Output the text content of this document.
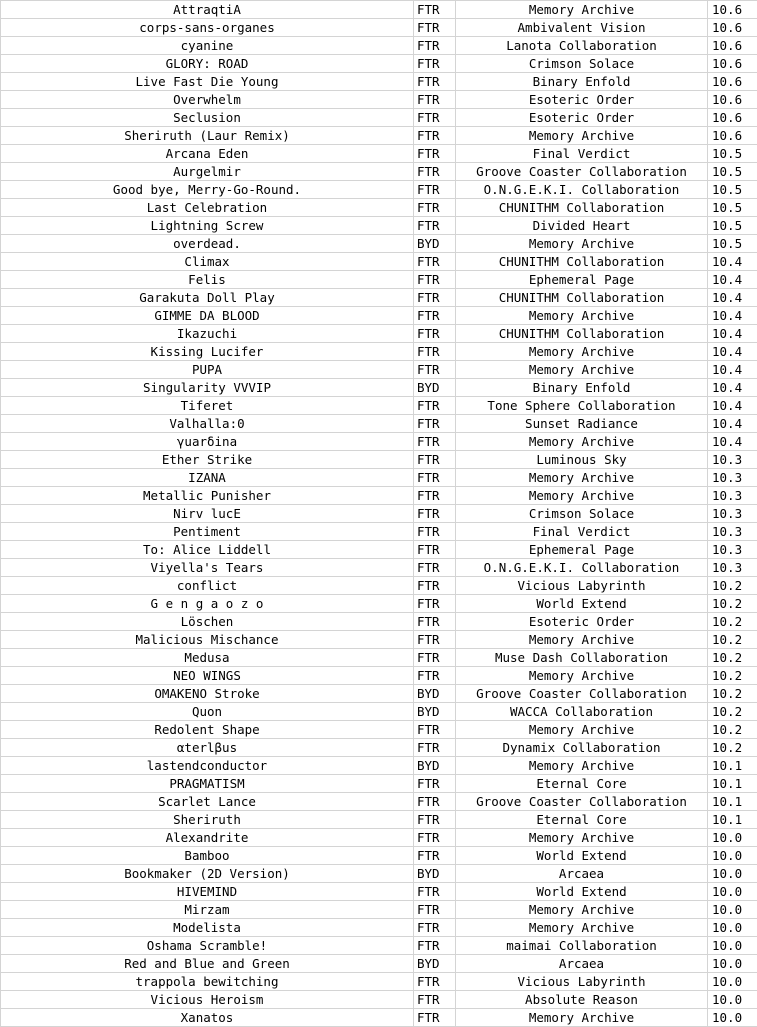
AttraqtiA	FTR	Memory Archive	10.6
corps-sans-organes	FTR	Ambivalent Vision	10.6
cyanine	FTR	Lanota Collaboration	10.6
GLORY: ROAD	FTR	Crimson Solace	10.6
Live Fast Die Young	FTR	Binary Enfold	10.6
Overwhelm	FTR	Esoteric Order	10.6
Seclusion	FTR	Esoteric Order	10.6
Sheriruth (Laur Remix)	FTR	Memory Archive	10.6
Arcana Eden	FTR	Final Verdict	10.5
Aurgelmir	FTR	Groove Coaster Collaboration	10.5
Good bye, Merry-Go-Round.	FTR	O.N.G.E.K.I. Collaboration	10.5
Last Celebration	FTR	CHUNITHM Collaboration	10.5
Lightning Screw	FTR	Divided Heart	10.5
overdead.	BYD	Memory Archive	10.5
Climax	FTR	CHUNITHM Collaboration	10.4
Felis	FTR	Ephemeral Page	10.4
Garakuta Doll Play	FTR	CHUNITHM Collaboration	10.4
GIMME DA BLOOD	FTR	Memory Archive	10.4
Ikazuchi	FTR	CHUNITHM Collaboration	10.4
Kissing Lucifer	FTR	Memory Archive	10.4
PUPA	FTR	Memory Archive	10.4
Singularity VVVIP	BYD	Binary Enfold	10.4
Tiferet	FTR	Tone Sphere Collaboration	10.4
Valhalla:0	FTR	Sunset Radiance	10.4
γuarδina	FTR	Memory Archive	10.4
Ether Strike	FTR	Luminous Sky	10.3
IZANA	FTR	Memory Archive	10.3
Metallic Punisher	FTR	Memory Archive	10.3
Nirv lucE	FTR	Crimson Solace	10.3
Pentiment	FTR	Final Verdict	10.3
To: Alice Liddell	FTR	Ephemeral Page	10.3
Viyella's Tears	FTR	O.N.G.E.K.I. Collaboration	10.3
conflict	FTR	Vicious Labyrinth	10.2
G e n g a o z o	FTR	World Extend	10.2
Löschen	FTR	Esoteric Order	10.2
Malicious Mischance	FTR	Memory Archive	10.2
Medusa	FTR	Muse Dash Collaboration	10.2
NEO WINGS	FTR	Memory Archive	10.2
OMAKENO Stroke	BYD	Groove Coaster Collaboration	10.2
Quon	BYD	WACCA Collaboration	10.2
Redolent Shape	FTR	Memory Archive	10.2
αterlβus	FTR	Dynamix Collaboration	10.2
lastendconductor	BYD	Memory Archive	10.1
PRAGMATISM	FTR	Eternal Core	10.1
Scarlet Lance	FTR	Groove Coaster Collaboration	10.1
Sheriruth	FTR	Eternal Core	10.1
Alexandrite	FTR	Memory Archive	10.0
Bamboo	FTR	World Extend	10.0
Bookmaker (2D Version)	BYD	Arcaea	10.0
HIVEMIND	FTR	World Extend	10.0
Mirzam	FTR	Memory Archive	10.0
Modelista	FTR	Memory Archive	10.0
Oshama Scramble!	FTR	maimai Collaboration	10.0
Red and Blue and Green	BYD	Arcaea	10.0
trappola bewitching	FTR	Vicious Labyrinth	10.0
Vicious Heroism	FTR	Absolute Reason	10.0
Xanatos	FTR	Memory Archive	10.0
